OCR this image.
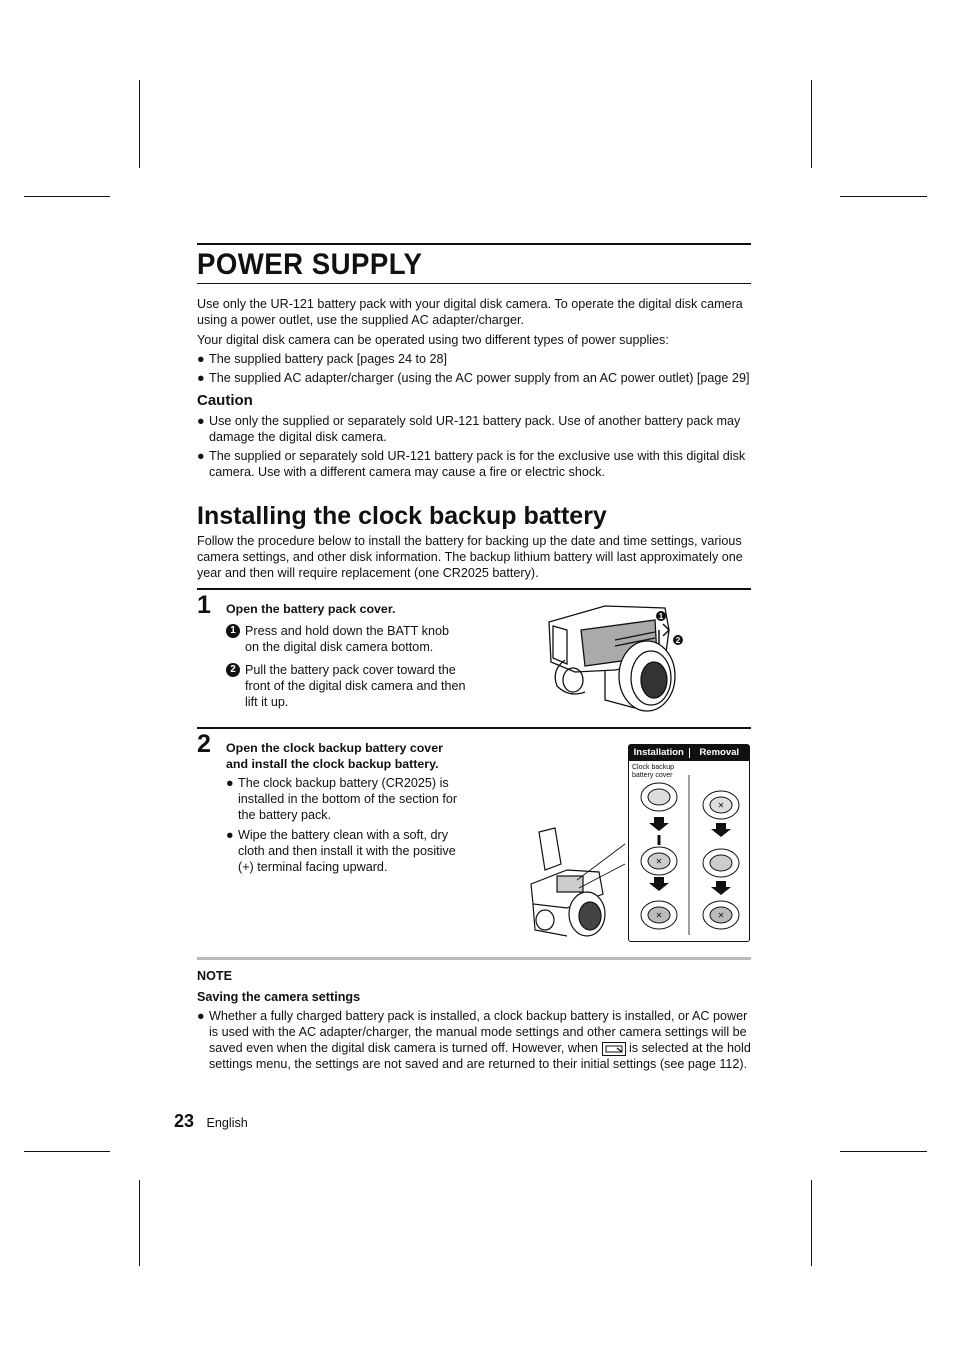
POWER SUPPLY

Use only the UR-121 battery pack with your digital disk camera. To operate the digital disk camera using a power outlet, use the supplied AC adapter/charger.

Your digital disk camera can be operated using two different types of power supplies:

● The supplied battery pack [pages 24 to 28]
● The supplied AC adapter/charger (using the AC power supply from an AC power outlet) [page 29]
Caution
● Use only the supplied or separately sold UR-121 battery pack. Use of another battery pack may damage the digital disk camera.
● The supplied or separately sold UR-121 battery pack is for the exclusive use with this digital disk camera. Use with a different camera may cause a fire or electric shock.
Installing the clock backup battery

Follow the procedure below to install the battery for backing up the date and time settings, various camera settings, and other disk information. The backup lithium battery will last approximately one year and then will require replacement (one CR2025 battery).

1 Open the battery pack cover.
1 Press and hold down the BATT knob on the digital disk camera bottom.
2 Pull the battery pack cover toward the front of the digital disk camera and then lift it up.
1
2
2 Open the clock backup battery cover and install the clock backup battery.
● The clock backup battery (CR2025) is installed in the bottom of the section for the battery pack.
● Wipe the battery clean with a soft, dry cloth and then install it with the positive (+) terminal facing upward.
Installation	Removal
Clock backup battery cover
✕
✕
✕
✕
NOTE
Saving the camera settings
● Whether a fully charged battery pack is installed, a clock backup battery is installed, or AC power is used with the AC adapter/charger, the manual mode settings and other camera settings will be saved even when the digital disk camera is turned off. However, when is selected at the hold settings menu, the settings are not saved and are returned to their initial settings (see page 112).
23 English
